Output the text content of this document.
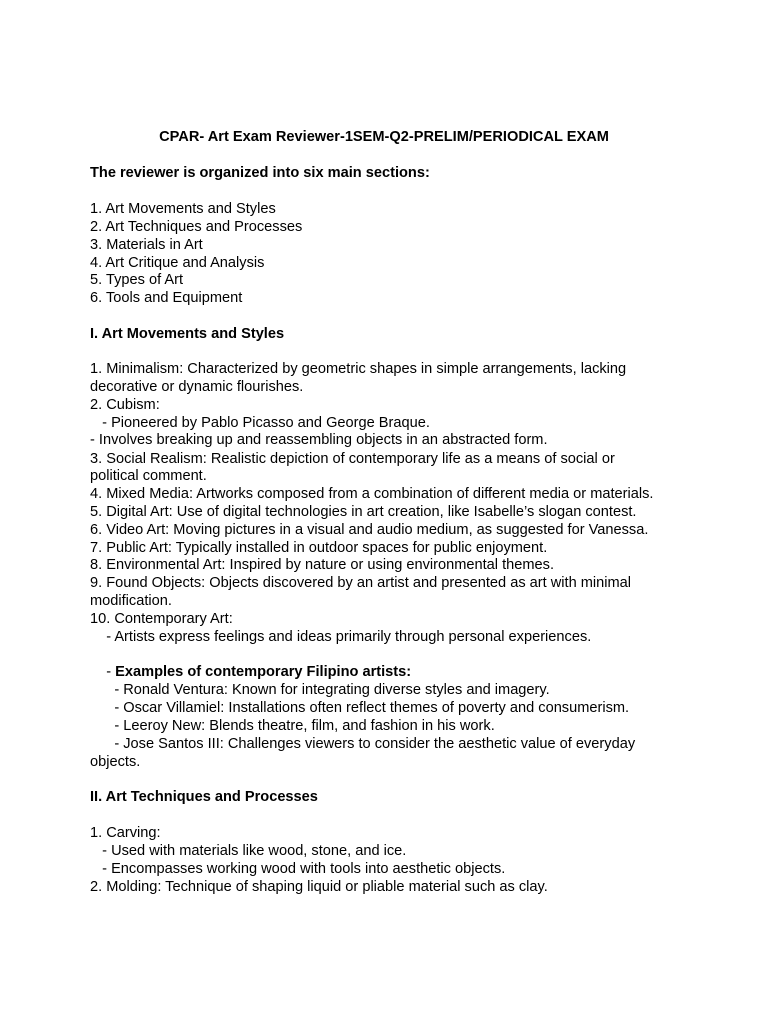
CPAR- Art Exam Reviewer-1SEM-Q2-PRELIM/PERIODICAL EXAM

The reviewer is organized into six main sections:

1. Art Movements and Styles

2. Art Techniques and Processes

3. Materials in Art

4. Art Critique and Analysis

5. Types of Art

6. Tools and Equipment

I. Art Movements and Styles

1. Minimalism: Characterized by geometric shapes in simple arrangements, lacking

decorative or dynamic flourishes.

2. Cubism:

- Pioneered by Pablo Picasso and George Braque.

- Involves breaking up and reassembling objects in an abstracted form.

3. Social Realism: Realistic depiction of contemporary life as a means of social or

political comment.

4. Mixed Media: Artworks composed from a combination of different media or materials.

5. Digital Art: Use of digital technologies in art creation, like Isabelle’s slogan contest.

6. Video Art: Moving pictures in a visual and audio medium, as suggested for Vanessa.

7. Public Art: Typically installed in outdoor spaces for public enjoyment.

8. Environmental Art: Inspired by nature or using environmental themes.

9. Found Objects: Objects discovered by an artist and presented as art with minimal

modification.

10. Contemporary Art:

- Artists express feelings and ideas primarily through personal experiences.

- Examples of contemporary Filipino artists:

- Ronald Ventura: Known for integrating diverse styles and imagery.

- Oscar Villamiel: Installations often reflect themes of poverty and consumerism.

- Leeroy New: Blends theatre, film, and fashion in his work.

- Jose Santos III: Challenges viewers to consider the aesthetic value of everyday

objects.

II. Art Techniques and Processes

1. Carving:

- Used with materials like wood, stone, and ice.

- Encompasses working wood with tools into aesthetic objects.

2. Molding: Technique of shaping liquid or pliable material such as clay.
